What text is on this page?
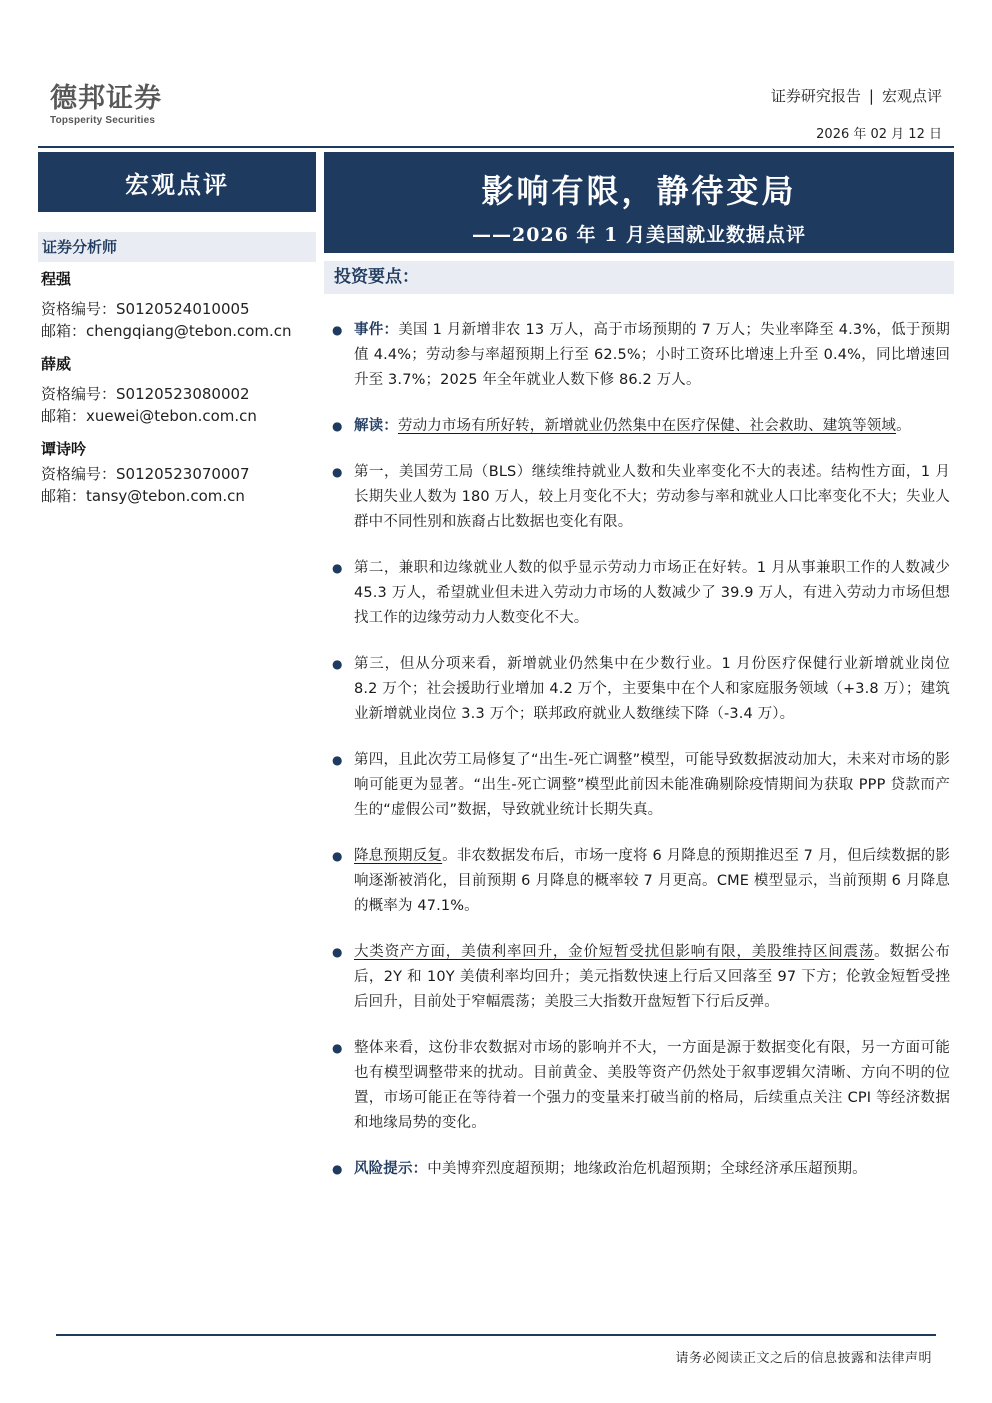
德邦证券
Topsperity Securities
证券研究报告 | 宏观点评
2026 年 02 月 12 日
宏观点评	影响有限，静待变局
——2026 年 1 月美国就业数据点评
证券分析师
程强
资格编号：S0120524010005
邮箱：chengqiang@tebon.com.cn
薛威
资格编号：S0120523080002
邮箱：xuewei@tebon.com.cn
谭诗吟
资格编号：S0120523070007
邮箱：tansy@tebon.com.cn
投资要点：
● 事件：美国 1 月新增非农 13 万人，高于市场预期的 7 万人；失业率降至 4.3%，低于预期值 4.4%；劳动参与率超预期上行至 62.5%；小时工资环比增速上升至 0.4%，同比增速回升至 3.7%；2025 年全年就业人数下修 86.2 万人。
● 解读：劳动力市场有所好转，新增就业仍然集中在医疗保健、社会救助、建筑等领域。
● 第一，美国劳工局（BLS）继续维持就业人数和失业率变化不大的表述。结构性方面，1 月长期失业人数为 180 万人，较上月变化不大；劳动参与率和就业人口比率变化不大；失业人群中不同性别和族裔占比数据也变化有限。
● 第二，兼职和边缘就业人数的似乎显示劳动力市场正在好转。1 月从事兼职工作的人数减少 45.3 万人，希望就业但未进入劳动力市场的人数减少了 39.9 万人，有进入劳动力市场但想找工作的边缘劳动力人数变化不大。
● 第三，但从分项来看，新增就业仍然集中在少数行业。1 月份医疗保健行业新增就业岗位 8.2 万个；社会援助行业增加 4.2 万个，主要集中在个人和家庭服务领域（+3.8 万）；建筑业新增就业岗位 3.3 万个；联邦政府就业人数继续下降（-3.4 万）。
● 第四，且此次劳工局修复了“出生-死亡调整”模型，可能导致数据波动加大，未来对市场的影响可能更为显著。“出生-死亡调整”模型此前因未能准确剔除疫情期间为获取 PPP 贷款而产生的“虚假公司”数据，导致就业统计长期失真。
● 降息预期反复。非农数据发布后，市场一度将 6 月降息的预期推迟至 7 月，但后续数据的影响逐渐被消化，目前预期 6 月降息的概率较 7 月更高。CME 模型显示，当前预期 6 月降息的概率为 47.1%。
● 大类资产方面，美债利率回升，金价短暂受扰但影响有限，美股维持区间震荡。数据公布后，2Y 和 10Y 美债利率均回升；美元指数快速上行后又回落至 97 下方；伦敦金短暂受挫后回升，目前处于窄幅震荡；美股三大指数开盘短暂下行后反弹。
● 整体来看，这份非农数据对市场的影响并不大，一方面是源于数据变化有限，另一方面可能也有模型调整带来的扰动。目前黄金、美股等资产仍然处于叙事逻辑欠清晰、方向不明的位置，市场可能正在等待着一个强力的变量来打破当前的格局，后续重点关注 CPI 等经济数据和地缘局势的变化。
● 风险提示：中美博弈烈度超预期；地缘政治危机超预期；全球经济承压超预期。
请务必阅读正文之后的信息披露和法律声明
